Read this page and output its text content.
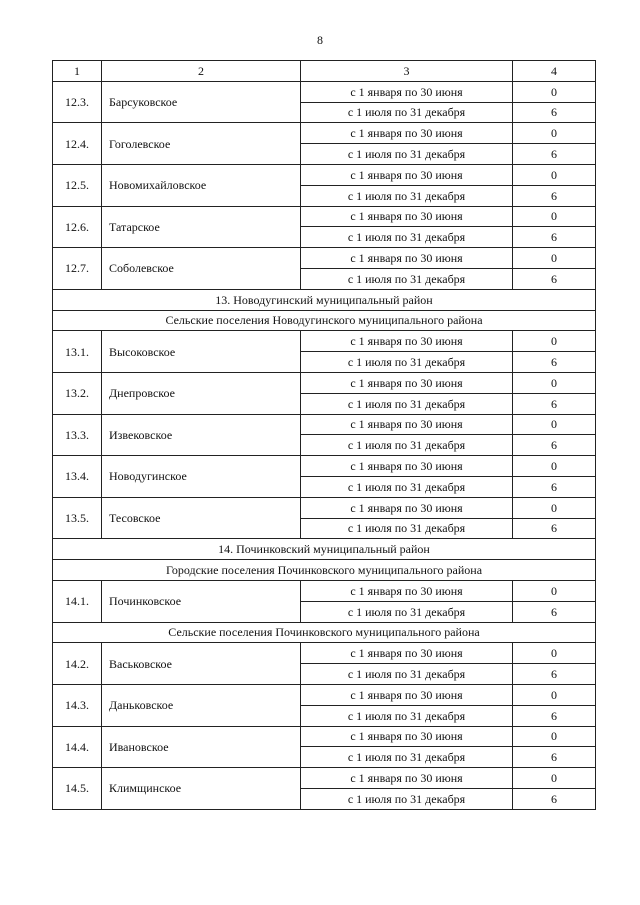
8
1	2	3	4
12.3.	Барсуковское	с 1 января по 30 июня	0
		с 1 июля по 31 декабря	6
12.4.	Гоголевское	с 1 января по 30 июня	0
		с 1 июля по 31 декабря	6
12.5.	Новомихайловское	с 1 января по 30 июня	0
		с 1 июля по 31 декабря	6
12.6.	Татарское	с 1 января по 30 июня	0
		с 1 июля по 31 декабря	6
12.7.	Соболевское	с 1 января по 30 июня	0
		с 1 июля по 31 декабря	6
13. Новодугинский муниципальный район			
Сельские поселения Новодугинского муниципального района			
13.1.	Высоковское	с 1 января по 30 июня	0
		с 1 июля по 31 декабря	6
13.2.	Днепровское	с 1 января по 30 июня	0
		с 1 июля по 31 декабря	6
13.3.	Извековское	с 1 января по 30 июня	0
		с 1 июля по 31 декабря	6
13.4.	Новодугинское	с 1 января по 30 июня	0
		с 1 июля по 31 декабря	6
13.5.	Тесовское	с 1 января по 30 июня	0
		с 1 июля по 31 декабря	6
14. Починковский муниципальный район			
Городские поселения Починковского муниципального района			
14.1.	Починковское	с 1 января по 30 июня	0
		с 1 июля по 31 декабря	6
Сельские поселения Починковского муниципального района			
14.2.	Васьковское	с 1 января по 30 июня	0
		с 1 июля по 31 декабря	6
14.3.	Даньковское	с 1 января по 30 июня	0
		с 1 июля по 31 декабря	6
14.4.	Ивановское	с 1 января по 30 июня	0
		с 1 июля по 31 декабря	6
14.5.	Климщинское	с 1 января по 30 июня	0
		с 1 июля по 31 декабря	6
